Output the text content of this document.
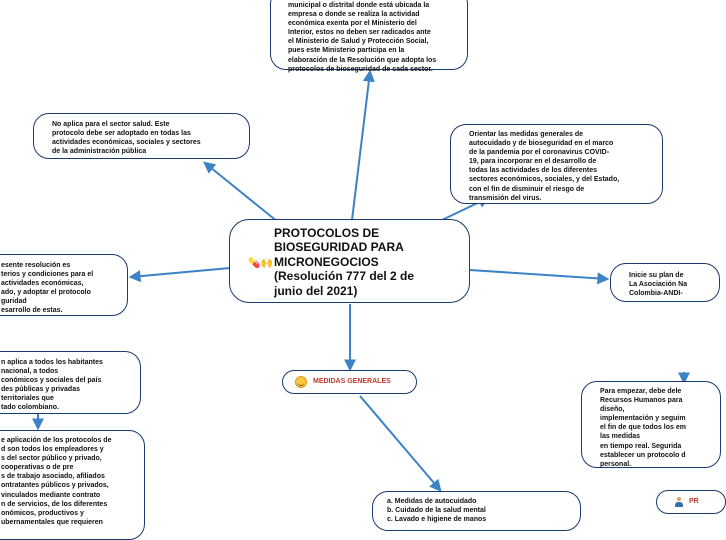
municipal o distrital donde está ubicada la
empresa o donde se realiza la actividad
económica exenta por el Ministerio del
Interior, estos no deben ser radicados ante
el Ministerio de Salud y Protección Social,
pues este Ministerio participa en la
elaboración de la Resolución que adopta los
protocolos de bioseguridad de cada sector.
No aplica para el sector salud. Este
protocolo debe ser adoptado en todas las
actividades económicas, sociales y sectores
de la administración pública
Orientar las medidas generales de
autocuidado y de bioseguridad en el marco
de la pandemia por el coronavirus COVID-
19, para incorporar en el desarrollo de
todas las actividades de los diferentes
sectores económicos, sociales, y del Estado,
con el fin de disminuir el riesgo de
transmisión del virus.
💊🙌
PROTOCOLOS DE
BIOSEGURIDAD PARA
MICRONEGOCIOS
(Resolución 777 del 2 de
junio del 2021)
Inicie su plan de
La Asociación Na
Colombia-ANDI-
esente resolución es
terios y condiciones para el
actividades económicas,
ado, y adoptar el protocolo
guridad
esarrollo de estas.
MEDIDAS GENERALES
n aplica a todos los habitantes
nacional, a todos
conómicos y sociales del país
des públicas y privadas
territoriales que
tado colombiano.
e aplicación de los protocolos de
d son todos los empleadores y
s del sector público y privado,
cooperativas o de pre
s de trabajo asociado, afiliados
ontratantes públicos y privados,
vinculados mediante contrato
n de servicios, de los diferentes
onómicos, productivos y
ubernamentales que requieren
a. Medidas de autocuidado
b. Cuidado de la salud mental
c. Lavado e higiene de manos
Para empezar, debe dele
Recursos Humanos para
diseño,
implementación y seguim
el fin de que todos los em
las medidas
en tiempo real. Segurida
establecer un protocolo d
personal.
PR
